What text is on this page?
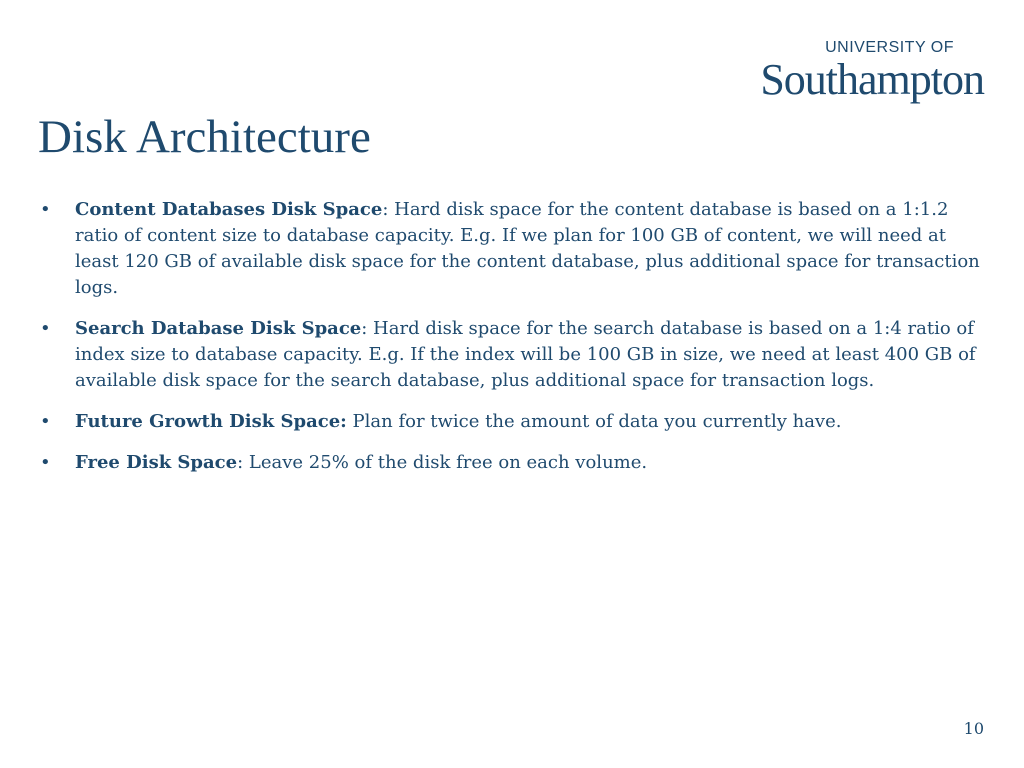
UNIVERSITY OF
Southampton
Disk Architecture
• Content Databases Disk Space: Hard disk space for the content database is based on a 1:1.2 ratio of content size to database capacity. E.g. If we plan for 100 GB of content, we will need at least 120 GB of available disk space for the content database, plus additional space for transaction logs.
• Search Database Disk Space: Hard disk space for the search database is based on a 1:4 ratio of index size to database capacity. E.g. If the index will be 100 GB in size, we need at least 400 GB of available disk space for the search database, plus additional space for transaction logs.
• Future Growth Disk Space: Plan for twice the amount of data you currently have.
• Free Disk Space: Leave 25% of the disk free on each volume.
10
